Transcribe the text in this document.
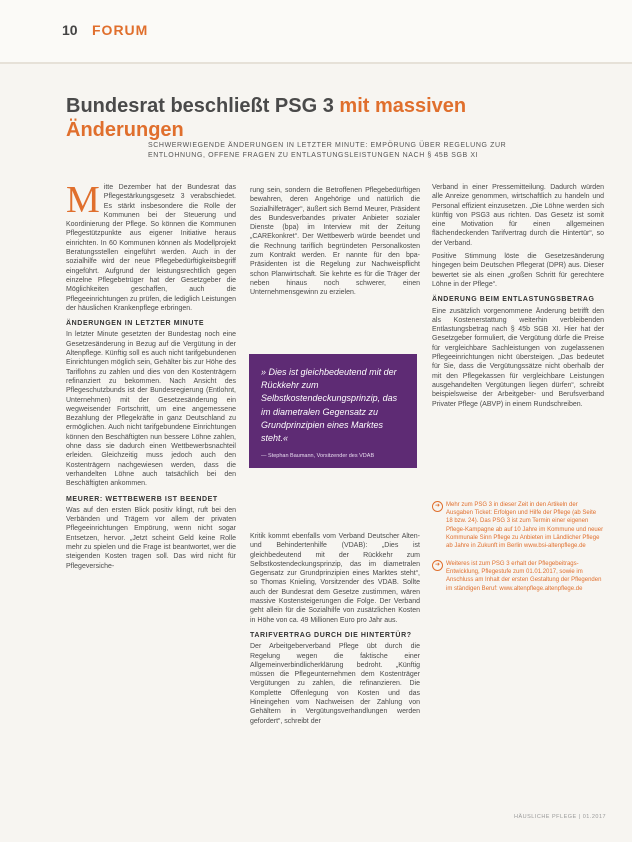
10 FORUM
Bundesrat beschließt PSG 3 mit massiven Änderungen
SCHWERWIEGENDE ÄNDERUNGEN IN LETZTER MINUTE: EMPÖRUNG ÜBER REGELUNG ZUR ENTLOHNUNG, OFFENE FRAGEN ZU ENTLASTUNGSLEISTUNGEN NACH § 45B SGB XI

Mitte Dezember hat der Bundesrat das Pflegestärkungsgesetz 3 verabschiedet. Es stärkt insbesondere die Rolle der Kommunen bei der Steuerung und Koordinierung der Pflege. So können die Kommunen Pflegestützpunkte aus eigener Initiative heraus einrichten. In 60 Kommunen können als Modellprojekt Beratungsstellen eingeführt werden. Auch in der sozialhilfe wird der neue Pflegebedürftigkeitsbegriff eingeführt. Aufgrund der leistungsrechtlich gegen einzelne Pflegebetrüger hat der Gesetzgeber die Möglichkeiten geschaffen, auch die Pflegeeinrichtungen zu prüfen, die lediglich Leistungen der häuslichen Krankenpflege erbringen.

ÄNDERUNGEN IN LETZTER MINUTE

In letzter Minute gesetzten der Bundestag noch eine Gesetzesänderung in Bezug auf die Vergütung in der Altenpflege. Künftig soll es auch nicht tarifgebundenen Einrichtungen möglich sein, Gehälter bis zur Höhe des Tariflohns zu zahlen und dies von den Kostenträgern refinanziert zu bekommen. Nach Ansicht des Pflegeschutzbunds ist der Bundesregierung (Entlohnt, Unternehmen) mit der Gesetzesänderung ein wegweisender Fortschritt, um eine angemessene Bezahlung der Pflegekräfte in ganz Deutschland zu ermöglichen. Auch nicht tarifgebundene Einrichtungen können den Beschäftigten nun bessere Löhne zahlen, ohne dass sie dadurch einen Wettbewerbsnachteil erleiden. Gleichzeitig muss jedoch auch den Kostenträgern nachgewiesen werden, dass die verhandelten Löhne auch tatsächlich bei den Beschäftigten ankommen.

MEURER: WETTBEWERB IST BEENDET

Was auf den ersten Blick positiv klingt, ruft bei den Verbänden und Trägern vor allem der privaten Pflegeeinrichtungen Empörung, wenn nicht sogar Entsetzen, hervor. „Jetzt scheint Geld keine Rolle mehr zu spielen und die Frage ist beantwortet, wer die steigenden Kosten tragen soll. Das wird nicht für Pflegeversiche-

rung sein, sondern die Betroffenen Pflegebedürftigen bewahren, deren Angehörige und natürlich die Sozialhilfeträger“, äußert sich Bernd Meurer, Präsident des Bundesverbandes privater Anbieter sozialer Dienste (bpa) im Interview mit der Zeitung „CAREkonkret“. Der Wettbewerb würde beendet und die Rechnung tariflich begründeten Personalkosten zum Kontrakt werden. Er nannte für den bpa-Präsidenten ist die Regelung zur Nachweispflicht schon Planwirtschaft. Sie kehrte es für die Träger der neben hinaus noch schwerer, einen Unternehmensgewinn zu erzielen.

» Dies ist gleichbedeutend mit der Rückkehr zum Selbstkostendeckungsprinzip, das im diametralen Gegensatz zu Grundprinzipien eines Marktes steht.«
— Stephan Baumann, Vorsitzender des VDAB

Kritik kommt ebenfalls vom Verband Deutscher Alten- und Behindertenhilfe (VDAB): „Dies ist gleichbedeutend mit der Rückkehr zum Selbstkostendeckungsprinzip, das im diametralen Gegensatz zur Grundprinzipien eines Marktes steht“, so Thomas Knieling, Vorsitzender des VDAB. Sollte auch der Bundesrat dem Gesetze zustimmen, wären massive Kostensteigerungen die Folge. Der Verband geht allein für die Sozialhilfe von zusätzlichen Kosten in Höhe von ca. 49 Millionen Euro pro Jahr aus.

TARIFVERTRAG DURCH DIE HINTERTÜR?

Der Arbeitgeberverband Pflege übt durch die Regelung wegen die faktische einer Allgemeinverbindlicherklärung bedroht. „Künftig müssen die Pflegeunternehmen dem Kostenträger Vergütungen zu zahlen, die refinanzieren. Die Komplette Offenlegung von Kosten und das Hineingehen vom Nachweisen der Zahlung von Gehältern in Vergütungsverhandlungen werden gefordert“, schreibt der

Verband in einer Pressemitteilung. Dadurch würden alle Anreize genommen, wirtschaftlich zu handeln und Personal effizient einzusetzen. „Die Löhne werden sich künftig von PSG3 aus richten. Das Gesetz ist somit eine Motivation für einen allgemeinen flächendeckenden Tarifvertrag durch die Hintertür“, so der Verband.

Positive Stimmung löste die Gesetzesänderung hingegen beim Deutschen Pflegerat (DPR) aus. Dieser bewertet sie als einen „großen Schritt für gerechtere Löhne in der Pflege“.

ÄNDERUNG BEIM ENTLASTUNGSBETRAG

Eine zusätzlich vorgenommene Änderung betrifft den als Kostenerstattung weiterhin verbleibenden Entlastungsbetrag nach § 45b SGB XI. Hier hat der Gesetzgeber formuliert, die Vergütung dürfe die Preise für vergleichbare Sachleistungen von zugelassenen Pflegeeinrichtungen nicht übersteigen. „Das bedeutet für Sie, dass die Vergütungssätze nicht oberhalb der mit den Pflegekassen für vergleichbare Leistungen ausgehandelten Vergütungen liegen dürfen“, schreibt beispielsweise der Arbeitgeber- und Berufsverband Privater Pflege (ABVP) in einem Rundschreiben.

➜ Mehr zum PSG 3 in dieser Zeit in den Artikeln der Ausgaben Ticket: Erfolgen und Hilfe der Pflege (ab Seite 18 bzw. 24). Das PSG 3 ist zum Termin einer eigenen Pflege-Kampagne ab auf 10 Jahre im Kommune und neuer Kommunale Sinn Pflege zu Anbieten im Ländlicher Pflege ab Jahre in Zukunft im Berlin www.bsi-altenpflege.de
➜ Weiteres ist zum PSG 3 erhalt der Pflegebeitrags-Entwicklung, Pflegestufe zum 01.01.2017, sowie im Anschluss am Inhalt der ersten Gestaltung der Pflegenden im ständigen Beruf: www.altenpflege.altenpflege.de
HÄUSLICHE PFLEGE | 01.2017
